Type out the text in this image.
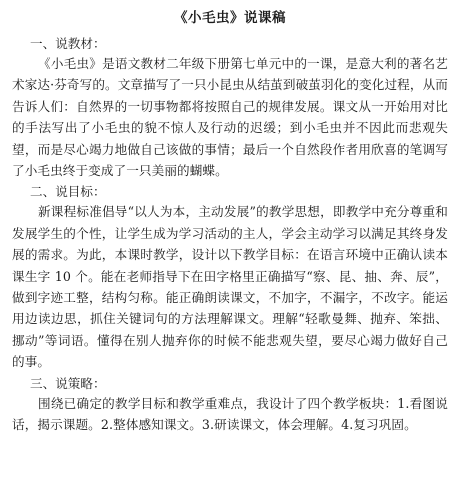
《小毛虫》说课稿

一、说教材：

《小毛虫》是语文教材二年级下册第七单元中的一课，是意大利的著名艺术家达·芬奇写的。文章描写了一只小昆虫从结茧到破茧羽化的变化过程，从而告诉人们：自然界的一切事物都将按照自己的规律发展。课文从一开始用对比的手法写出了小毛虫的貌不惊人及行动的迟缓；到小毛虫并不因此而悲观失望，而是尽心竭力地做自己该做的事情；最后一个自然段作者用欣喜的笔调写了小毛虫终于变成了一只美丽的蝴蝶。

二、说目标：

新课程标准倡导“以人为本，主动发展”的教学思想，即教学中充分尊重和发展学生的个性，让学生成为学习活动的主人，学会主动学习以满足其终身发展的需求。为此，本课时教学，设计以下教学目标：在语言环境中正确认读本课生字 10 个。能在老师指导下在田字格里正确描写“察、昆、抽、奔、辰”，做到字迹工整，结构匀称。能正确朗读课文，不加字，不漏字，不改字。能运用边读边思，抓住关键词句的方法理解课文。理解“轻歌曼舞、抛弃、笨拙、挪动”等词语。懂得在别人抛弃你的时候不能悲观失望，要尽心竭力做好自己的事。

三、说策略：

围绕已确定的教学目标和教学重难点，我设计了四个教学板块：1.看图说话，揭示课题。2.整体感知课文。3.研读课文，体会理解。4.复习巩固。
